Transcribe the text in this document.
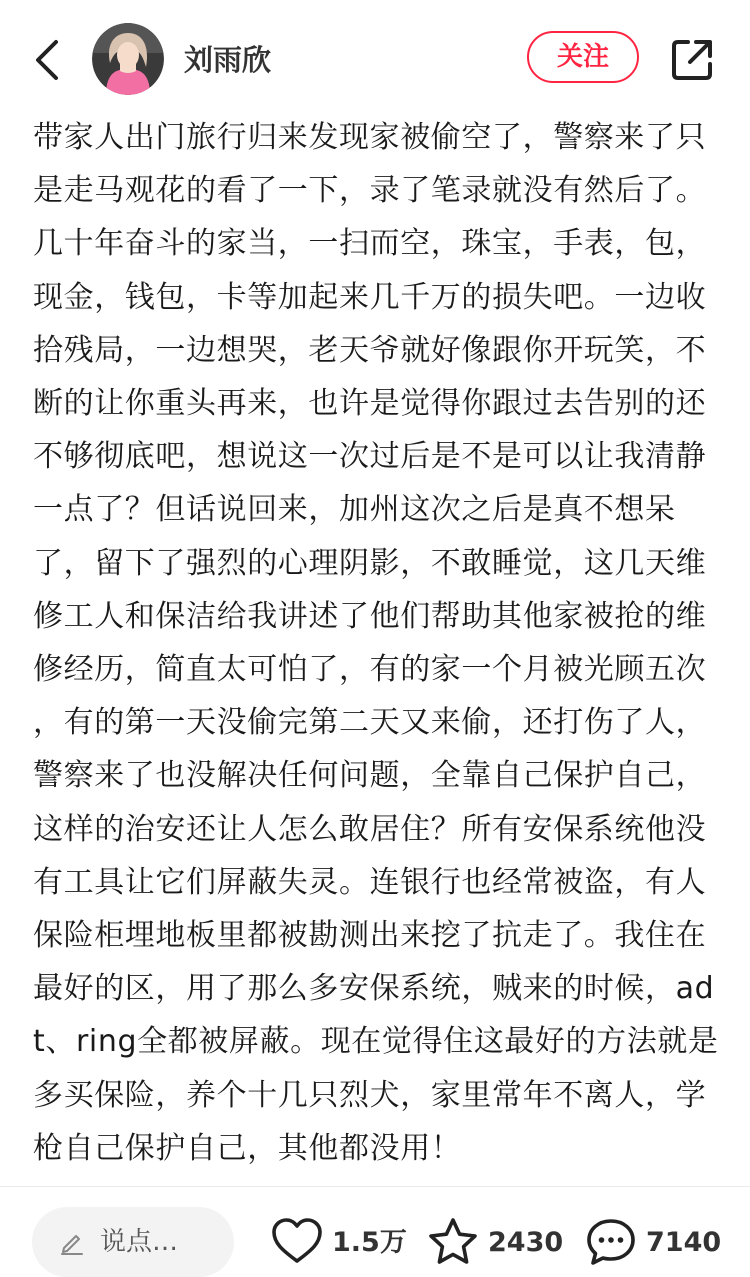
刘雨欣	关注
带家人出门旅行归来发现家被偷空了，警察来了只是走马观花的看了一下，录了笔录就没有然后了。几十年奋斗的家当，一扫而空，珠宝，手表，包，现金，钱包，卡等加起来几千万的损失吧。一边收拾残局，一边想哭，老天爷就好像跟你开玩笑，不断的让你重头再来，也许是觉得你跟过去告别的还不够彻底吧，想说这一次过后是不是可以让我清静一点了？但话说回来，加州这次之后是真不想呆了，留下了强烈的心理阴影，不敢睡觉，这几天维修工人和保洁给我讲述了他们帮助其他家被抢的维修经历，简直太可怕了，有的家一个月被光顾五次 ，有的第一天没偷完第二天又来偷，还打伤了人，警察来了也没解决任何问题，全靠自己保护自己，这样的治安还让人怎么敢居住？所有安保系统他没有工具让它们屏蔽失灵。连银行也经常被盗，有人保险柜埋地板里都被勘测出来挖了抗走了。我住在最好的区，用了那么多安保系统，贼来的时候，adt、ring全都被屏蔽。现在觉得住这最好的方法就是多买保险，养个十几只烈犬，家里常年不离人，学枪自己保护自己，其他都没用！
说点…	1.5万	2430	7140
